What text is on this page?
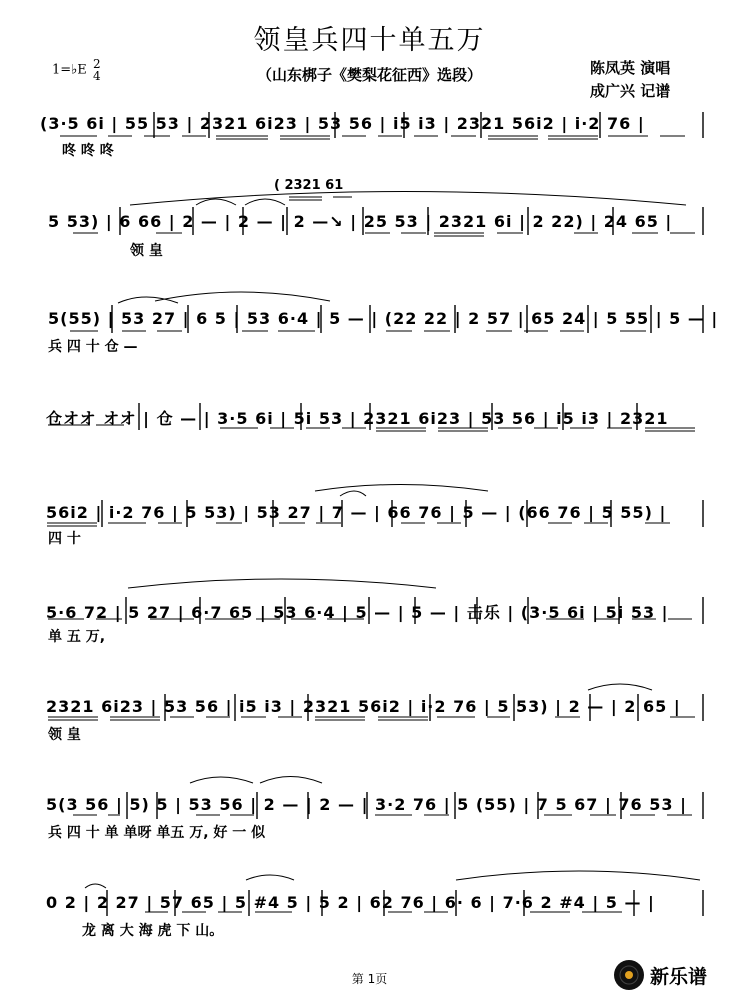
领皇兵四十单五万
（山东梆子《樊梨花征西》选段）
1=♭E 2
4	陈凤英 演唱
成广兴 记谱
(3·5 6i | 55 53 | 2321 6i23 | 53 56 | i5 i3 | 2321 56i2 | i·2 76 |
咚 咚 咚
( 2321 61
5 53) | 6 66 | 2 — | 2 — | 2 —↘ | 25 53 | 2321 6i | 2 22) | 24 65 |
领 皇
5(55) | 53 27 | 6 5 | 53 6·4 | 5 — | (22 22 | 2 57 | 65 24 | 5 55 | 5 — |
兵 四 十 仓 —
仓オオ オオ | 仓 — | 3·5 6i | 5i 53 | 2321 6i23 | 53 56 | i5 i3 | 2321
56i2 | i·2 76 | 5 53) | 53 27 | 7 — | 66 76 | 5 — | (66 76 | 5 55) |
四 十
5·6 72 | 5 27 | 6·7 65 | 53 6·4 | 5 — | 5 — | 击乐 | (3·5 6i | 5i 53 |
单 五 万,
2321 6i23 | 53 56 | i5 i3 | 2321 56i2 | i·2 76 | 5 53) | 2 — | 2 65 |
领 皇
5(3 56 | 5) 5 | 53 56 | 2 — | 2 — | 3·2 76 | 5 (55) | 7 5 67 | 76 53 |
兵 四 十 单 单呀 单五 万, 好 一 似
0 2 | 2 27 | 57 65 | 5 #4 5 | 5 2 | 62 76 | 6· 6 | 7·6 2 #4 | 5 — |
龙 离 大 海 虎 下 山。
第 1页	新乐谱
